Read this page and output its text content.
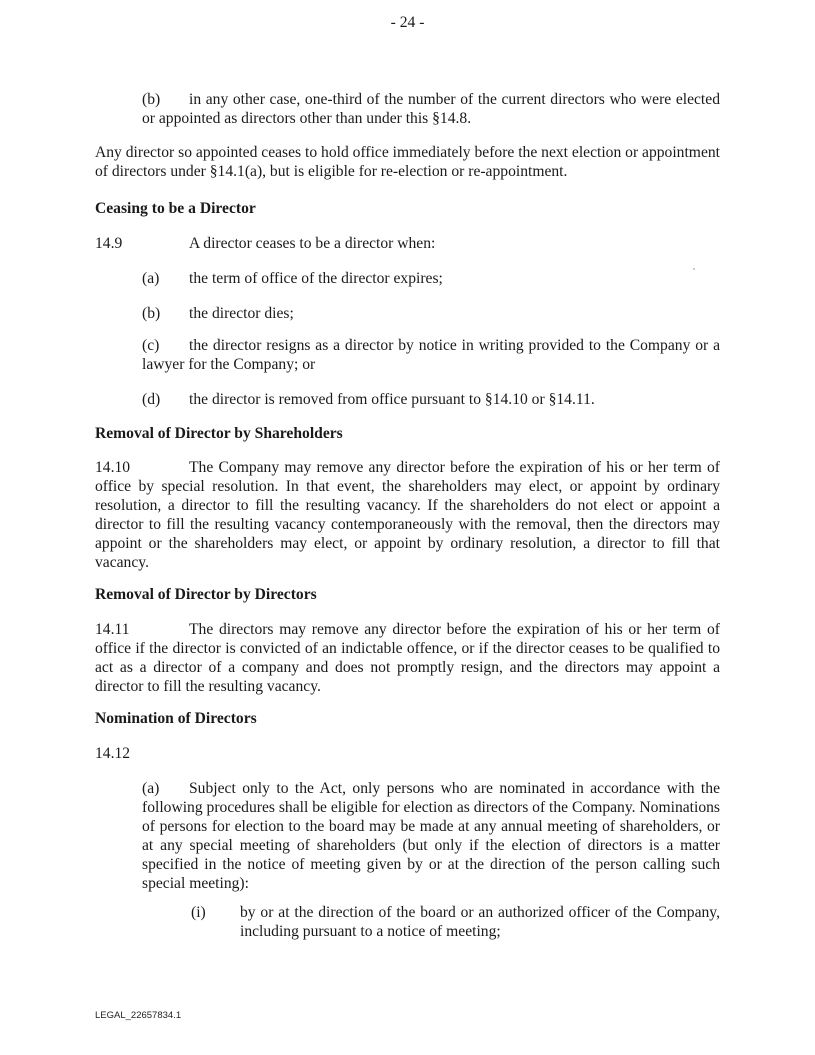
- 24 -
(b) in any other case, one-third of the number of the current directors who were elected or appointed as directors other than under this §14.8.
Any director so appointed ceases to hold office immediately before the next election or appointment of directors under §14.1(a), but is eligible for re-election or re-appointment.
Ceasing to be a Director
14.9	A director ceases to be a director when:
(a) the term of office of the director expires;
(b) the director dies;
(c) the director resigns as a director by notice in writing provided to the Company or a lawyer for the Company; or
(d) the director is removed from office pursuant to §14.10 or §14.11.
Removal of Director by Shareholders
14.10	The Company may remove any director before the expiration of his or her term of office by special resolution. In that event, the shareholders may elect, or appoint by ordinary resolution, a director to fill the resulting vacancy. If the shareholders do not elect or appoint a director to fill the resulting vacancy contemporaneously with the removal, then the directors may appoint or the shareholders may elect, or appoint by ordinary resolution, a director to fill that vacancy.
Removal of Director by Directors
14.11	The directors may remove any director before the expiration of his or her term of office if the director is convicted of an indictable offence, or if the director ceases to be qualified to act as a director of a company and does not promptly resign, and the directors may appoint a director to fill the resulting vacancy.
Nomination of Directors
14.12
(a) Subject only to the Act, only persons who are nominated in accordance with the following procedures shall be eligible for election as directors of the Company. Nominations of persons for election to the board may be made at any annual meeting of shareholders, or at any special meeting of shareholders (but only if the election of directors is a matter specified in the notice of meeting given by or at the direction of the person calling such special meeting):
(i) by or at the direction of the board or an authorized officer of the Company, including pursuant to a notice of meeting;
LEGAL_22657834.1
